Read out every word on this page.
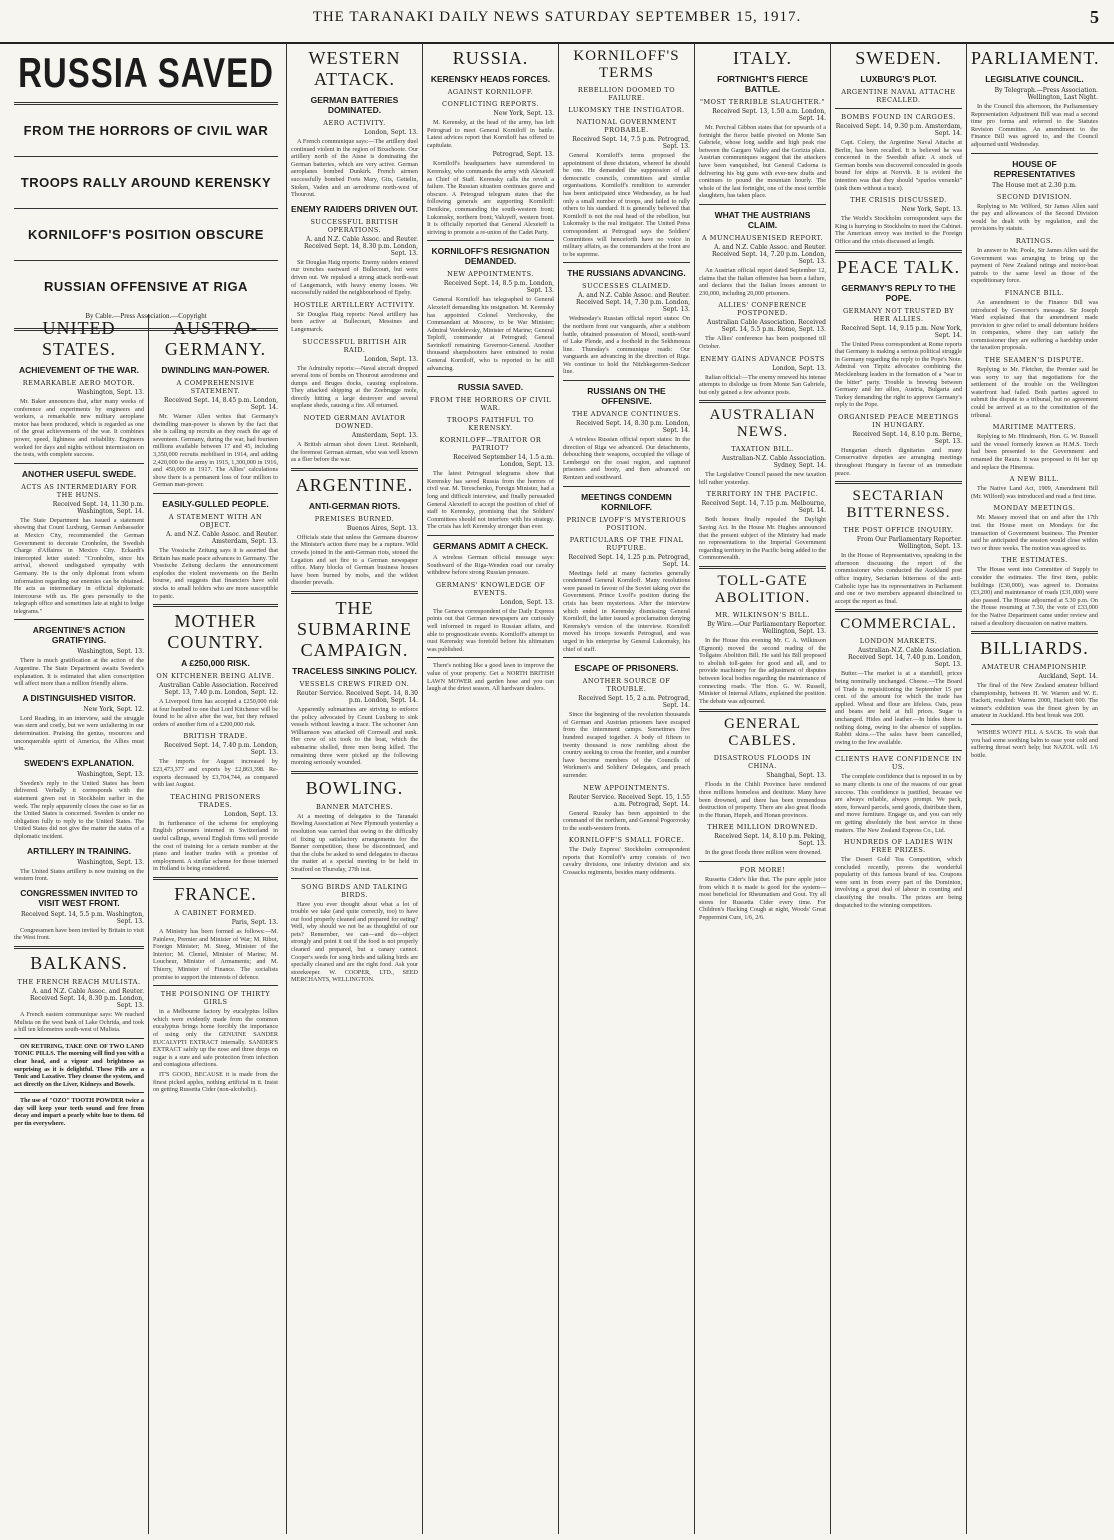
THE TARANAKI DAILY NEWS SATURDAY SEPTEMBER 15, 1917.	5
RUSSIA SAVED
FROM THE HORRORS OF CIVIL WAR
TROOPS RALLY AROUND KERENSKY
KORNILOFF'S POSITION OBSCURE
RUSSIAN OFFENSIVE AT RIGA
By Cable.—Press Association.—Copyright
UNITED STATES.
ACHIEVEMENT OF THE WAR.
REMARKABLE AERO MOTOR.
Washington, Sept. 13.

Mr. Baker announces that, after many weeks of conference and experiments by engineers and workers, a remarkable new military aeroplane motor has been produced, which is regarded as one of the great achievements of the war. It combines power, speed, lightness and reliability. Engineers worked for days and nights without intermission on the tests, with complete success.

ANOTHER USEFUL SWEDE.
ACTS AS INTERMEDIARY FOR THE HUNS.
Received Sept. 14, 11.30 p.m. Washington, Sept. 14.

The State Department has issued a statement showing that Count Luxburg, German Ambassador at Mexico City, recommended the German Government to decorate Cronholm, the Swedish Charge d'Affaires in Mexico City. Eckardt's intercepted letter stated: "Cronholm, since his arrival, showed undisguised sympathy with Germany. He is the only diplomat from whom information regarding our enemies can be obtained. He acts as intermediary in official diplomatic intercourse with us. He goes personally to the telegraph office and sometimes late at night to lodge telegrams."

ARGENTINE'S ACTION GRATIFYING.
Washington, Sept. 13.

There is much gratification at the action of the Argentine. The State Department awaits Sweden's explanation. It is estimated that alien conscription will affect more than a million friendly aliens.

A DISTINGUISHED VISITOR.
New York, Sept. 12.

Lord Reading, in an interview, said the struggle was stern and costly, but we were unfaltering in our determination. Praising the genius, resources and unconquerable spirit of America, the Allies must win.

SWEDEN'S EXPLANATION.
Washington, Sept. 13.

Sweden's reply to the United States has been delivered. Verbally it corresponds with the statement given out in Stockholm earlier in the week. The reply apparently closes the case so far as the United States is concerned. Sweden is under no obligation fully to reply to the United States. The United States did not give the matter the status of a diplomatic incident.

ARTILLERY IN TRAINING.
Washington, Sept. 13.

The United States artillery is now training on the western front.

CONGRESSMEN INVITED TO VISIT WEST FRONT.
Received Sept. 14, 5.5 p.m. Washington, Sept. 13.

Congressmen have been invited by Britain to visit the West front.

BALKANS.
THE FRENCH REACH MULISTA.
A. and N.Z. Cable Assoc. and Reuter. Received Sept. 14, 8.30 p.m. London, Sept. 13.

A French eastern communique says: We reached Mulista on the west bank of Lake Ochrida, and took a hill ten kilometres south-west of Mulista.

ON RETIRING, TAKE ONE OF TWO LANO TONIC PILLS. The morning will find you with a clear head, and a vigour and brightness as surprising as it is delightful. These Pills are a Tonic and Laxative. They cleanse the system, and act directly on the Liver, Kidneys and Bowels.

The use of "OZO" TOOTH POWDER twice a day will keep your teeth sound and free from decay and impart a pearly white hue to them. 6d per tin everywhere.

AUSTRO-GERMANY.
DWINDLING MAN-POWER.
A COMPREHENSIVE STATEMENT.
Received Sept. 14, 8.45 p.m. London, Sept. 14.

Mr. Warner Allen writes that Germany's dwindling man-power is shown by the fact that she is calling up recruits as they reach the age of seventeen. Germany, during the war, had fourteen millions available between 17 and 45, including 3,350,000 recruits mobilised in 1914, and adding 2,420,000 to the army in 1915, 1,300,000 in 1916, and 450,000 in 1917. The Allies' calculations show there is a permanent loss of four million to German man-power.

EASILY-GULLED PEOPLE.
A STATEMENT WITH AN OBJECT.
A. and N.Z. Cable Assoc. and Reuter. Amsterdam, Sept. 13.

The Vossische Zeitung says it is asserted that Britain has made peace advances to Germany. The Vossische Zeitung declares the announcement explodes the violent movements on the Berlin bourse, and suggests that financiers have sold stocks to small holders who are more susceptible to panic.

MOTHER COUNTRY.
A £250,000 RISK.
ON KITCHENER BEING ALIVE.
Australian Cable Association. Received Sept. 13, 7.40 p.m. London, Sept. 12.

A Liverpool firm has accepted a £250,000 risk at four hundred to one that Lord Kitchener will be found to be alive after the war, but they refused orders of another firm of a £200,000 risk.

BRITISH TRADE.
Received Sept. 14, 7.40 p.m. London, Sept. 13.

The imports for August increased by £23,473,377 and exports by £2,863,398. Re-exports decreased by £3,704,744, as compared with last August.

TEACHING PRISONERS TRADES.
London, Sept. 13.

In furtherance of the scheme for employing English prisoners interned in Switzerland in useful callings, several English firms will provide the cost of training for a certain number at the piano and leather trades with a promise of employment. A similar scheme for those interned in Holland is being considered.

FRANCE.
A CABINET FORMED.
Paris, Sept. 13.

A Ministry has been formed as follows:—M. Painleve, Premier and Minister of War; M. Ribot, Foreign Minister; M. Steeg, Minister of the Interior; M. Clentel, Minister of Marine; M. Loucheur, Minister of Armaments; and M. Thierry, Minister of Finance. The socialists promise to support the interests of defence.

THE POISONING OF THIRTY GIRLS

in a Melbourne factory by eucalyptus lollies which were evidently made from the common eucalyptus brings home forcibly the importance of using only the GENUINE SANDER EUCALYPTI EXTRACT internally. SANDER'S EXTRACT safely up the nose and three drops on sugar is a sure and safe protection from infection and contagious affections.

IT'S GOOD, BECAUSE it is made from the finest picked apples, nothing artificial in it. Insist on getting Russetta Cider (non-alcoholic).

WESTERN ATTACK.
GERMAN BATTERIES DOMINATED.
AERO ACTIVITY.
London, Sept. 13.

A French communique says:—The artillery duel continued violent in the region of Bixschoote. Our artillery north of the Aisne is dominating the German batteries, which are very active. German aeroplanes bombed Dunkirk. French airmen successfully bombed Forts Mary, Gits, Geitelin, Stoken, Vaden and an aerodrome north-west of Thourout.

ENEMY RAIDERS DRIVEN OUT.
SUCCESSFUL BRITISH OPERATIONS.
A. and N.Z. Cable Assoc. and Reuter. Received Sept. 14, 8.30 p.m. London, Sept. 13.

Sir Douglas Haig reports: Enemy raiders entered our trenches eastward of Bullecourt, but were driven out. We repulsed a strong attack north-east of Langemarck, with heavy enemy losses. We successfully raided the neighbourhood of Epehy.

HOSTILE ARTILLERY ACTIVITY.

Sir Douglas Haig reports: Naval artillery has been active at Bullecourt, Messines and Langemarck.

SUCCESSFUL BRITISH AIR RAID.
London, Sept. 13.

The Admiralty reports:—Naval aircraft dropped several tons of bombs on Thourout aerodrome and dumps and Bruges docks, causing explosions. They attacked shipping at the Zeebrugge mole, directly hitting a large destroyer and several seaplane sheds, causing a fire. All returned.

NOTED GERMAN AVIATOR DOWNED.
Amsterdam, Sept. 13.

A British airman shot down Lieut. Reinhardt, the foremost German airman, who was well known as a flier before the war.

ARGENTINE.
ANTI-GERMAN RIOTS.
PREMISES BURNED.
Buenos Aires, Sept. 13.

Officials state that unless the Germans disavow the Minister's action there may be a rupture. Wild crowds joined in the anti-German riots, stoned the Legation and set fire to a German newspaper office. Many blocks of German business houses have been burned by mobs, and the wildest disorder prevails.

THE SUBMARINE CAMPAIGN.
TRACELESS SINKING POLICY.
VESSELS CREWS FIRED ON.
Reuter Service. Received Sept. 14, 8.30 p.m. London, Sept. 14.

Apparently submarines are striving to enforce the policy advocated by Count Luxburg to sink vessels without leaving a trace. The schooner Ann Williamson was attacked off Cornwall and sunk. Her crew of six took to the boat, which the submarine shelled, three men being killed. The remaining three were picked up the following morning seriously wounded.

BOWLING.
BANNER MATCHES.

At a meeting of delegates to the Taranaki Bowling Association at New Plymouth yesterday a resolution was carried that owing to the difficulty of fixing up satisfactory arrangements for the Banner competition, these be discontinued, and that the clubs be asked to send delegates to discuss the matter at a special meeting to be held in Stratford on Thursday, 27th inst.

SONG BIRDS AND TALKING BIRDS.

Have you ever thought about what a lot of trouble we take (and quite correctly, too) to have our food properly cleaned and prepared for eating? Well, why should we not be as thoughtful of our pets? Remember, we can—and do—object strongly and point it out if the food is not properly cleaned and prepared, but a canary cannot. Cooper's seeds for song birds and talking birds are specially cleaned and are the right food. Ask your storekeeper. W. COOPER, LTD., SEED MERCHANTS, WELLINGTON.

RUSSIA.
KERENSKY HEADS FORCES.
AGAINST KORNILOFF.
CONFLICTING REPORTS.
New York, Sept. 13.

M. Kerensky, at the head of the army, has left Petrograd to meet General Korniloff in battle. Latest advices report that Korniloff has offered to capitulate.

Petrograd, Sept. 13.

Korniloff's headquarters have surrendered to Kerensky, who commands the army with Alexeieff as Chief of Staff. Kerensky calls the revolt a failure. The Russian situation continues grave and obscure. A Petrograd telegram states that the following generals are supporting Korniloff: Denikine, commanding the south-western front; Lukomsky, northern front; Valuyeff, western front. It is officially reported that General Alexeieff is striving to promote a re-union of the Cadet Party.

KORNILOFF'S RESIGNATION DEMANDED.
NEW APPOINTMENTS.
Received Sept. 14, 8.5 p.m. London, Sept. 13.

General Korniloff has telegraphed to General Alexeieff demanding his resignation. M. Kerensky has appointed Colonel Verchovsky, the Commandant at Moscow, to be War Minister; Admiral Verdelevsky, Minister of Marine; General Teploff, commander at Petrograd; General Savinkoff remaining Governor-General. Another thousand sharpshooters have entrained to resist General Korniloff, who is reported to be still advancing.

RUSSIA SAVED.
FROM THE HORRORS OF CIVIL WAR.
TROOPS FAITHFUL TO KERENSKY.
KORNILOFF—TRAITOR OR PATRIOT?
Received September 14, 1.5 a.m. London, Sept. 13.

The latest Petrograd telegrams show that Kerensky has saved Russia from the horrors of civil war. M. Tereschenko, Foreign Minister, had a long and difficult interview, and finally persuaded General Alexeieff to accept the position of chief of staff to Kerensky, promising that the Soldiers' Committees should not interfere with his strategy. The crisis has left Kerensky stronger than ever.

GERMANS ADMIT A CHECK.

A wireless German official message says: Southward of the Riga-Wenden road our cavalry withdrew before strong Russian pressure.

GERMANS' KNOWLEDGE OF EVENTS.
London, Sept. 13.

The Geneva correspondent of the Daily Express points out that German newspapers are curiously well informed in regard to Russian affairs, and able to prognosticate events. Korniloff's attempt to oust Kerensky was foretold before his ultimatum was published.

There's nothing like a good lawn to improve the value of your property. Get a NORTH BRITISH LAWN MOWER and garden hose and you can laugh at the driest season. All hardware dealers.

KORNILOFF'S TERMS
REBELLION DOOMED TO FAILURE.
LUKOMSKY THE INSTIGATOR.
NATIONAL GOVERNMENT PROBABLE.
Received Sept. 14, 7.5 p.m. Petrograd, Sept. 13.

General Korniloff's terms proposed the appointment of three dictators, whereof he should be one. He demanded the suppression of all democratic councils, committees and similar organisations. Korniloff's rendition to surrender has been anticipated since Wednesday, as he had only a small number of troops, and failed to rally others to his standard. It is generally believed that Korniloff is not the real head of the rebellion, but Lukomsky is the real instigator. The United Press correspondent at Petrograd says the Soldiers' Committees will henceforth have no voice in military affairs, as the commanders at the front are to be supreme.

THE RUSSIANS ADVANCING.
SUCCESSES CLAIMED.
A. and N.Z. Cable Assoc. and Reuter. Received Sept. 14, 7.30 p.m. London, Sept. 13.

Wednesday's Russian official report states: On the northern front our vanguards, after a stubborn battle, obtained possession of Mossil, south-ward of Lake Plende, and a foothold in the Sekhmouza line. Thursday's communique reads: Our vanguards are advancing in the direction of Riga. We continue to hold the Nitzhkegorren-Sedczer line.

RUSSIANS ON THE OFFENSIVE.
THE ADVANCE CONTINUES.
Received Sept. 14, 8.30 p.m. London, Sept. 14.

A wireless Russian official report states: In the direction of Riga we advanced. Our detachments, debouching their weapons, occupied the village of Lembergsi on the coast region, and captured prisoners and booty, and then advanced on Rentzen and southward.

MEETINGS CONDEMN KORNILOFF.
PRINCE LVOFF'S MYSTERIOUS POSITION.
PARTICULARS OF THE FINAL RUPTURE.
Received Sept. 14, 1.25 p.m. Petrograd, Sept. 14.

Meetings held at many factories generally condemned General Korniloff. Many resolutions were passed in favour of the Soviet taking over the Government. Prince Lvoff's position during the crisis has been mysterious. After the interview which ended in Kerensky dismissing General Korniloff, the latter issued a proclamation denying Kerensky's version of the interview. Korniloff moved his troops towards Petrograd, and was urged in his enterprise by General Lukomsky, his chief of staff.

ESCAPE OF PRISONERS.
ANOTHER SOURCE OF TROUBLE.
Received Sept. 15, 2 a.m. Petrograd, Sept. 14.

Since the beginning of the revolution thousands of German and Austrian prisoners have escaped from the internment camps. Sometimes five hundred escaped together. A body of fifteen to twenty thousand is now rambling about the country seeking to cross the frontier, and a number have become members of the Councils of Workmen's and Soldiers' Delegates, and preach surrender.

NEW APPOINTMENTS.
Reuter Service. Received Sept. 15, 1.55 a.m. Petrograd, Sept. 14.

General Russky has been appointed to the command of the northern, and General Pogorovsky to the south-western fronts.

KORNILOFF'S SMALL FORCE.

The Daily Express' Stockholm correspondent reports that Korniloff's army consists of two cavalry divisions, one infantry division and six Cossacks regiments, besides many oddments.

ITALY.
FORTNIGHT'S FIERCE BATTLE.
"MOST TERRIBLE SLAUGHTER."
Received Sept. 13, 1.50 a.m. London, Sept. 14.

Mr. Percival Gibbon states that for upwards of a fortnight the fierce battle pivoted on Monte San Gabriele, whose long saddle and high peak rise between the Gargaro Valley and the Gorizia plain. Austrian communiques suggest that the attackers have been vanquished, but General Cadorna is delivering his big guns with ever-new drafts and continues to pound the mountain hourly. The whole of the last fortnight, one of the most terrible slaughters, has taken place.

WHAT THE AUSTRIANS CLAIM.
A MUNCHAUSENISED REPORT.
A. and N.Z. Cable Assoc. and Reuter. Received Sept. 14, 7.20 p.m. London, Sept. 13.

An Austrian official report dated September 12, claims that the Italian offensive has been a failure, and declares that the Italian losses amount to 230,000, including 20,000 prisoners.

ALLIES' CONFERENCE POSTPONED.
Australian Cable Association. Received Sept. 14, 5.5 p.m. Rome, Sept. 13.

The Allies' conference has been postponed till October.

ENEMY GAINS ADVANCE POSTS
London, Sept. 13.

Italian official:—The enemy renewed his intense attempts to dislodge us from Monte San Gabriele, but only gained a few advance posts.

AUSTRALIAN NEWS.
TAXATION BILL.
Australian-N.Z. Cable Association. Sydney, Sept. 14.

The Legislative Council passed the new taxation bill rather yesterday.

TERRITORY IN THE PACIFIC.
Received Sept. 14, 7.15 p.m. Melbourne, Sept. 14.

Both houses finally repealed the Daylight Saving Act. In the House Mr. Hughes announced that the present subject of the Ministry had made no representations to the Imperial Government regarding territory in the Pacific being added to the Commonwealth.

TOLL-GATE ABOLITION.
MR. WILKINSON'S BILL.
By Wire.—Our Parliamentary Reporter. Wellington, Sept. 13.

In the House this evening Mr. C. A. Wilkinson (Egmont) moved the second reading of the Tollgates Abolition Bill. He said his Bill proposed to abolish toll-gates for good and all, and to provide machinery for the adjustment of disputes between local bodies regarding the maintenance of connecting roads. The Hon. G. W. Russell, Minister of Internal Affairs, explained the position. The debate was adjourned.

GENERAL CABLES.
DISASTROUS FLOODS IN CHINA.
Shanghai, Sept. 13.

Floods in the Chihli Province have rendered three millions homeless and destitute. Many have been drowned, and there has been tremendous destruction of property. There are also great floods in the Hunan, Hupeh, and Honan provinces.

THREE MILLION DROWNED.
Received Sept. 14, 8.10 p.m. Peking, Sept. 13.

In the great floods three million were drowned.

FOR MORE!

Russetta Cider's like that. The pure apple juice from which it is made is good for the system—most beneficial for Rheumatism and Gout. Try all stores for Russetta Cider every time. For Children's Hacking Cough at night, Woods' Great Peppermint Cure, 1/6, 2/6.

SWEDEN.
LUXBURG'S PLOT.
ARGENTINE NAVAL ATTACHE RECALLED.
BOMBS FOUND IN CARGOES.
Received Sept. 14, 9.30 p.m. Amsterdam, Sept. 14.

Capt. Colery, the Argentine Naval Attache at Berlin, has been recalled. It is believed he was concerned in the Swedish affair. A stock of German bombs was discovered concealed in goods bound for ships at Norrvik. It is evident the intention was that they should "spurlos versenkt" (sink them without a trace).

THE CRISIS DISCUSSED.
New York, Sept. 13.

The World's Stockholm correspondent says the King is hurrying to Stockholm to meet the Cabinet. The American envoy was invited to the Foreign Office and the crisis discussed at length.

PEACE TALK.
GERMANY'S REPLY TO THE POPE.
GERMANY NOT TRUSTED BY HER ALLIES.
Received Sept. 14, 9.15 p.m. New York, Sept. 14.

The United Press correspondent at Rome reports that Germany is making a serious political struggle in Germany regarding the reply to the Pope's Note. Admiral von Tirpitz advocates combining the Mecklenburg leaders in the formation of a "war to the bitter" party. Trouble is brewing between Germany and her allies, Austria, Bulgaria and Turkey demanding the right to approve Germany's reply to the Pope.

ORGANISED PEACE MEETINGS IN HUNGARY.
Received Sept. 14, 8.10 p.m. Berne, Sept. 13.

Hungarian church dignitaries and many Conservative deputies are arranging meetings throughout Hungary in favour of an immediate peace.

SECTARIAN BITTERNESS.
THE POST OFFICE INQUIRY.
From Our Parliamentary Reporter. Wellington, Sept. 13.

In the House of Representatives, speaking in the afternoon discussing the report of the commissioner who conducted the Auckland post office inquiry, Sectarian bitterness of the anti-Catholic type has its representatives in Parliament and one or two members appeared disinclined to accept the report as final.

COMMERCIAL.
LONDON MARKETS.
Australian-N.Z. Cable Association. Received Sept. 14, 7.40 p.m. London, Sept. 13.

Butter.—The market is at a standstill, prices being nominally unchanged. Cheese.—The Board of Trade is requisitioning the September 15 per cent. of the amount for which the trade has applied. Wheat and flour are lifeless. Oats, peas and beans are held at full prices. Sugar is unchanged. Hides and leather.—In hides there is nothing doing, owing to the absence of supplies. Rabbit skins.—The sales have been cancelled, owing to the few available.

CLIENTS HAVE CONFIDENCE IN US.

The complete confidence that is reposed in us by so many clients is one of the reasons of our great success. This confidence is justified, because we are always reliable, always prompt. We pack, store, forward parcels, send goods, distribute them, and move furniture. Engage us, and you can rely on getting absolutely the best service in these matters. The New Zealand Express Co., Ltd.

HUNDREDS OF LADIES WIN FREE PRIZES.

The Desert Gold Tea Competition, which concluded recently, proves the wonderful popularity of this famous brand of tea. Coupons were sent in from every part of the Dominion, involving a great deal of labour in counting and classifying the results. The prizes are being despatched to the winning competitors.

PARLIAMENT.
LEGISLATIVE COUNCIL.
By Telegraph.—Press Association. Wellington, Last Night.

In the Council this afternoon, the Parliamentary Representation Adjustment Bill was read a second time pro forma and referred to the Statutes Revision Committee. An amendment to the Finance Bill was agreed to, and the Council adjourned until Wednesday.

HOUSE OF REPRESENTATIVES
The House met at 2.30 p.m.
SECOND DIVISION.

Replying to Mr. Wilford, Sir James Allen said the pay and allowances of the Second Division would be dealt with by regulation, and the provisions by statute.

RATINGS.

In answer to Mr. Poole, Sir James Allen said the Government was arranging to bring up the payment of New Zealand ratings and motor-boat patrols to the same level as those of the expeditionary force.

FINANCE BILL.

An amendment to the Finance Bill was introduced by Governor's message. Sir Joseph Ward explained that the amendment made provision to give relief to small debenture holders in companies, where they can satisfy the commissioner they are suffering a hardship under the taxation proposals.

THE SEAMEN'S DISPUTE.

Replying to Mr. Fletcher, the Premier said he was sorry to say that negotiations for the settlement of the trouble on the Wellington waterfront had failed. Both parties agreed to submit the dispute to a tribunal, but no agreement could be arrived at as to the constitution of the tribunal.

MARITIME MATTERS.

Replying to Mr. Hindmarsh, Hon. G. W. Russell said the vessel formerly known as H.M.S. Torch had been presented to the Government and renamed the Raura. It was proposed to fit her up and replace the Hinemoa.

A NEW BILL.

The Native Land Act, 1909, Amendment Bill (Mr. Wilford) was introduced and read a first time.

MONDAY MEETINGS.

Mr. Massey moved that on and after the 17th inst. the House meet on Mondays for the transaction of Government business. The Premier said he anticipated the session would close within two or three weeks. The motion was agreed to.

THE ESTIMATES.

The House went into Committee of Supply to consider the estimates. The first item, public buildings (£30,000), was agreed to. Domains (£3,200) and maintenance of roads (£31,000) were also passed. The House adjourned at 5.30 p.m. On the House resuming at 7.30, the vote of £33,000 for the Native Department came under review and raised a desultory discussion on native matters.

BILLIARDS.
AMATEUR CHAMPIONSHIP.
Auckland, Sept. 14.

The final of the New Zealand amateur billiard championship, between H. W. Warren and W. E. Hackett, resulted: Warren 2000, Hackett 600. The winner's exhibition was the finest given by an amateur in Auckland. His best break was 200.

WISHES WON'T FILL A SACK. To wish that you had some soothing balm to ease your cold and suffering throat won't help; but NAZOL will. 1/6 bottle.
